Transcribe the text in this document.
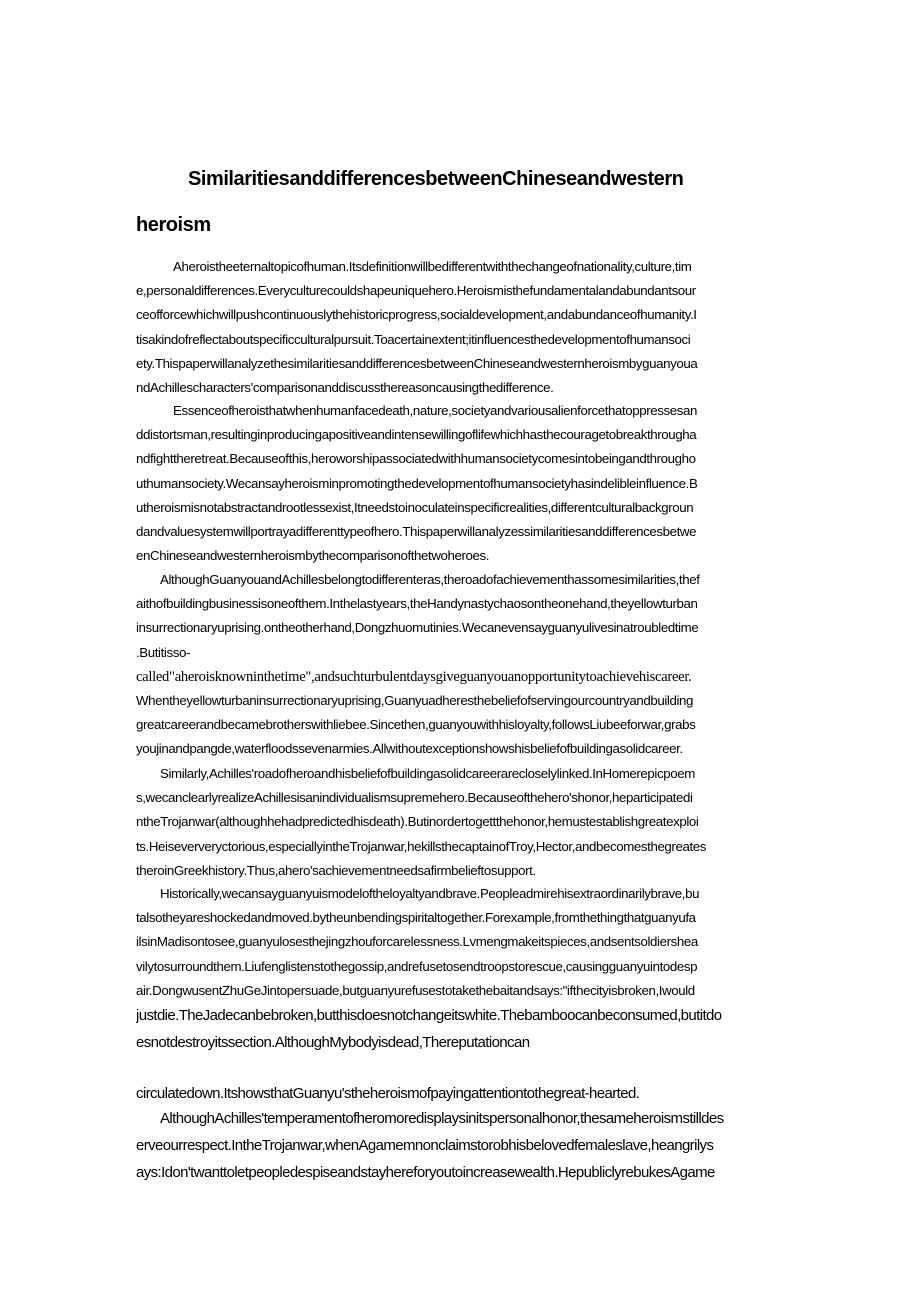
SimilaritiesanddifferencesbetweenChineseandwestern
heroism
Aheroistheeternaltopicofhuman.Itsdefinitionwillbedifferentwiththechangeofnationality,culture,tim
e,personaldifferences.Everyculturecouldshapeuniquehero.Heroismisthefundamentalandabundantsour
ceofforcewhichwillpushcontinuouslythehistoricprogress,socialdevelopment,andabundanceofhumanity.I
tisakindofreflectaboutspecificculturalpursuit.Toacertainextent;itinfluencesthedevelopmentofhumansoci
ety.ThispaperwillanalyzethesimilaritiesanddifferencesbetweenChineseandwesternheroismbyguanyoua
ndAchillescharacters'comparisonanddiscussthereasoncausingthedifference.
Essenceofheroisthatwhenhumanfacedeath,nature,societyandvariousalienforcethatoppressesan
ddistortsman,resultinginproducingapositiveandintensewillingoflifewhichhasthecouragetobreakthrougha
ndfighttheretreat.Becauseofthis,heroworshipassociatedwithhumansocietycomesintobeingandthrougho
uthumansociety.Wecansayheroisminpromotingthedevelopmentofhumansocietyhasindelibleinfluence.B
utheroismisnotabstractandrootlessexist,Itneedstoinoculateinspecificrealities,differentculturalbackgroun
dandvaluesystemwillportrayadifferenttypeofhero.Thispaperwillanalyzessimilaritiesanddifferencesbetwe
enChineseandwesternheroismbythecomparisonofthetwoheroes.
AlthoughGuanyouandAchillesbelongtodifferenteras,theroadofachievementhassomesimilarities,thef
aithofbuildingbusinessisoneofthem.Inthelastyears,theHandynastychaosontheonehand,theyellowturban
insurrectionaryuprising.ontheotherhand,Dongzhuomutinies.Wecanevensayguanyulivesinatroubledtime
.Butitisso-
called"aheroisknowninthetime",andsuchturbulentdaysgiveguanyouanopportunitytoachievehiscareer.
Whentheyellowturbaninsurrectionaryuprising,Guanyuadheresthebeliefofservingourcountryandbuilding
greatcareerandbecamebrotherswithliebee.Sincethen,guanyouwithhisloyalty,followsLiubeeforwar,grabs
youjinandpangde,waterfloodssevenarmies.Allwithoutexceptionshowshisbeliefofbuildingasolidcareer.
Similarly,Achilles'roadofheroandhisbeliefofbuildingasolidcareerarecloselylinked.InHomerepicpoem
s,wecanclearlyrealizeAchillesisanindividualismsupremehero.Becauseofthehero'shonor,heparticipatedi
ntheTrojanwar(althoughhehadpredictedhisdeath).Butinordertogettthehonor,hemustestablishgreatexploi
ts.Heiseververyctorious,especiallyintheTrojanwar,hekillsthecaptainofTroy,Hector,andbecomesthegreates
theroinGreekhistory.Thus,ahero'sachievementneedsafirmbelieftosupport.
Historically,wecansayguanyuismodeloftheloyaltyandbrave.Peopleadmirehisextraordinarilybrave,bu
talsotheyareshockedandmoved.bytheunbendingspiritaltogether.Forexample,fromthethingthatguanyufa
ilsinMadisontosee,guanyulosesthejingzhouforcarelessness.Lvmengmakeitspieces,andsentsoldiershea
vilytosurroundthem.Liufenglistenstothegossip,andrefusetosendtroopstorescue,causingguanyuintodesp
air.DongwusentZhuGeJintopersuade,butguanyurefusestotakethebaitandsays:"ifthecityisbroken,Iwould
justdie.TheJadecanbebroken,butthisdoesnotchangeitswhite.Thebamboocanbeconsumed,butitdo
esnotdestroyitssection.AlthoughMybodyisdead,Thereputationcan
circulatedown.ItshowsthatGuanyu'stheheroismofpayingattentiontothegreat-hearted.
AlthoughAchilles'temperamentofheromoredisplaysinitspersonalhonor,thesameheroismstilldes
erveourrespect.IntheTrojanwar,whenAgamemnonclaimstorobhisbelovedfemaleslave,heangrilys
ays:Idon'twanttoletpeopledespiseandstayhereforyoutoincreasewealth.HepubliclyrebukesAgame
